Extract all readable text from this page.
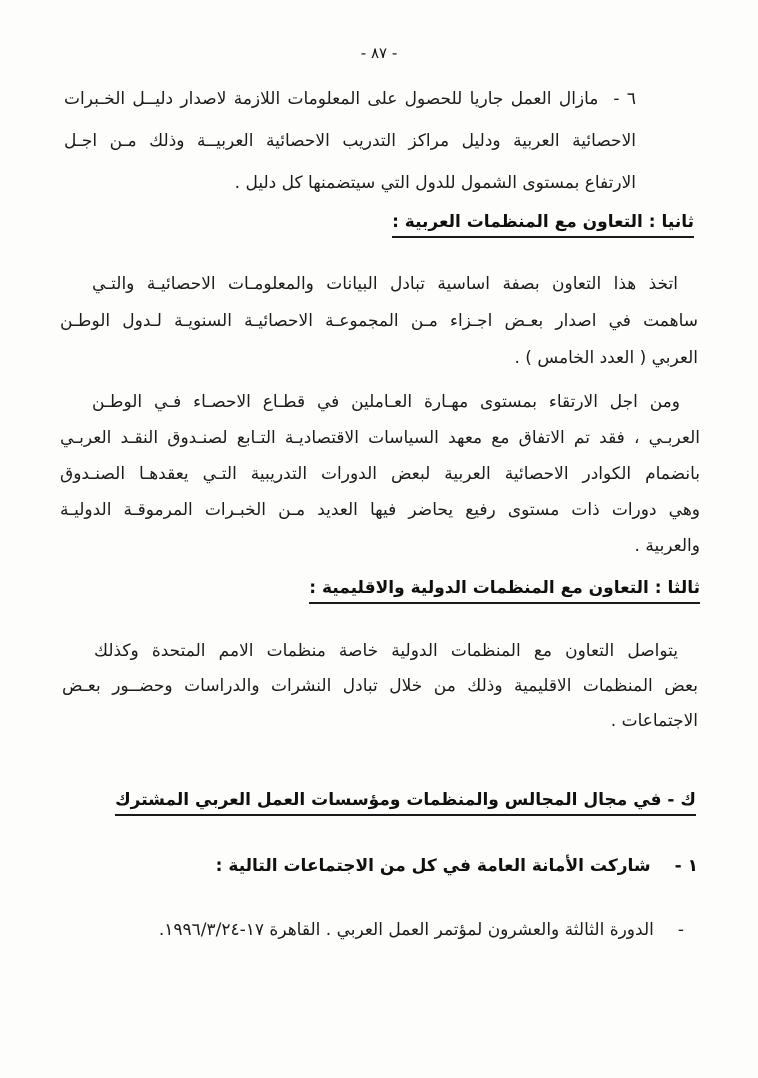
- ٨٧ -
٦ -مازال العمل جاريا للحصول على المعلومات اللازمة لاصدار دليــل الخـبرات
الاحصائية العربية ودليل مراكز التدريب الاحصائية العربيــة وذلك مـن اجـل
الارتفاع بمستوى الشمول للدول التي سيتضمنها كل دليل .
ثانيا : التعاون مع المنظمات العربية :
اتخذ هذا التعاون بصفة اساسية تبادل البيانات والمعلومـات الاحصائيـة والتـي
ساهمت في اصدار بعـض اجـزاء مـن المجموعـة الاحصائيـة السنويـة لـدول الوطـن
العربي ( العدد الخامس ) .
ومن اجل الارتقاء بمستوى مهـارة العـاملين في قطـاع الاحصـاء فـي الوطـن
العربـي ، فقد تم الاتفاق مع معهد السياسات الاقتصاديـة التـابع لصنـدوق النقـد العربـي
بانضمام الكوادر الاحصائية العربية لبعض الدورات التدريبية التـي يعقدهـا الصنـدوق
وهي دورات ذات مستوى رفيع يحاضر فيها العديد مـن الخبـرات المرموقـة الدوليـة
والعربية .
ثالثا : التعاون مع المنظمات الدولية والاقليمية :
يتواصل التعاون مع المنظمات الدولية خاصة منظمات الامم المتحدة وكذلك
بعض المنظمات الاقليمية وذلك من خلال تبادل النشرات والدراسات وحضــور بعـض
الاجتماعات .
ك - في مجال المجالس والمنظمات ومؤسسات العمل العربي المشترك
١ -شاركت الأمانة العامة في كل من الاجتماعات التالية :
-الدورة الثالثة والعشرون لمؤتمر العمل العربي . القاهرة ‭١٩٩٦/٣/٢٤-١٧‬.
